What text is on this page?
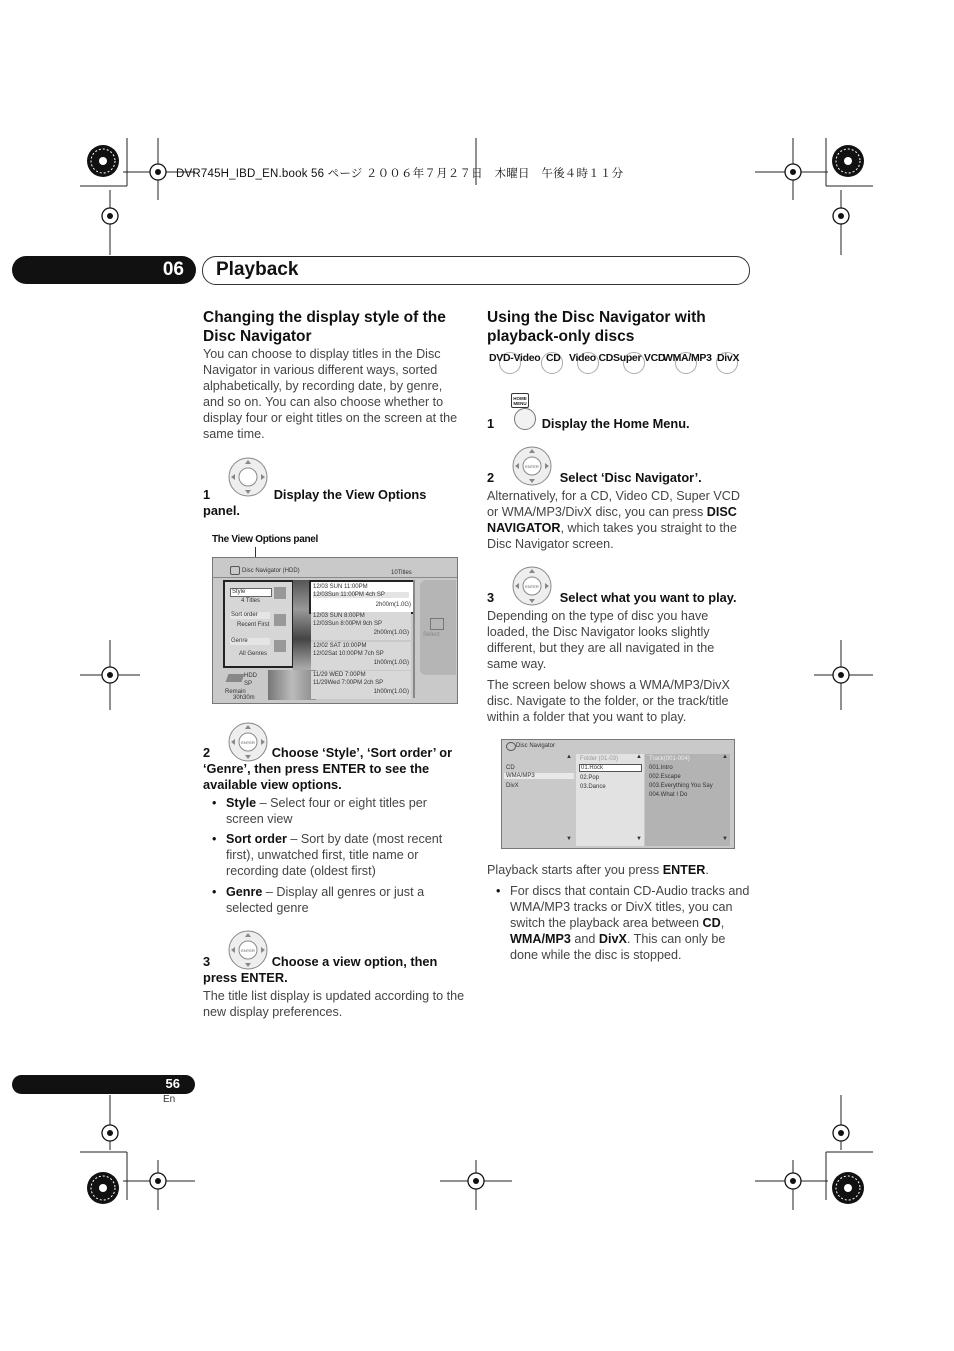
DVR745H_IBD_EN.book 56 ページ ２００６年７月２７日　木曜日　午後４時１１分
06 Playback
Changing the display style of the Disc Navigator

You can choose to display titles in the Disc Navigator in various different ways, sorted alphabetically, by recording date, by genre, and so on. You can also choose whether to display four or eight titles on the screen at the same time.

1	Display the View Options panel.
The View Options panel
Disc Navigator (HDD)	10Titles
Style
4 Titles
Sort order
Recent First
Genre
All Genres
12/03 SUN 11:00PM
12/03Sun 11:00PM 4ch SP
2h00m(1.0G)
12/03 SUN 8:00PM
12/03Sun 8:00PM 9ch SP
2h00m(1.0G)
12/02 SAT 10:00PM
12/02Sat 10:00PM 7ch SP
1h00m(1.0G)
11/29 WED 7:00PM
11/29Wed 7:00PM 2ch SP
1h00m(1.0G)
Select
HDD
SP
Remain
30h30m
ENTER
2	Choose ‘Style’, ‘Sort order’ or ‘Genre’, then press ENTER to see the available view options.
• Style – Select four or eight titles per screen view
• Sort order – Sort by date (most recent first), unwatched first, title name or recording date (oldest first)
• Genre – Display all genres or just a selected genre
ENTER
3	Choose a view option, then press ENTER.

The title list display is updated according to the new display preferences.

Using the Disc Navigator with playback-only discs
DVD-Video CD Video CD Super VCD
WMA/MP3 DivX
HOME MENU
1	Display the Home Menu.
ENTER
2	Select ‘Disc Navigator’.

Alternatively, for a CD, Video CD, Super VCD or WMA/MP3/DivX disc, you can press DISC NAVIGATOR, which takes you straight to the Disc Navigator screen.

ENTER
3	Select what you want to play.

Depending on the type of disc you have loaded, the Disc Navigator looks slightly different, but they are all navigated in the same way.

The screen below shows a WMA/MP3/DivX disc. Navigate to the folder, or the track/title within a folder that you want to play.

Disc Navigator
CD
WMA/MP3
DivX
▲
▼
Folder (01-03)	▲
01.Rock
02.Pop
03.Dance
▼
Track(001-004)	▲
001.Intro
002.Escape
003.Everything You Say
004.What I Do
▼

Playback starts after you press ENTER.

• For discs that contain CD-Audio tracks and WMA/MP3 tracks or DivX titles, you can switch the playback area between CD, WMA/MP3 and DivX. This can only be done while the disc is stopped.
56
En
